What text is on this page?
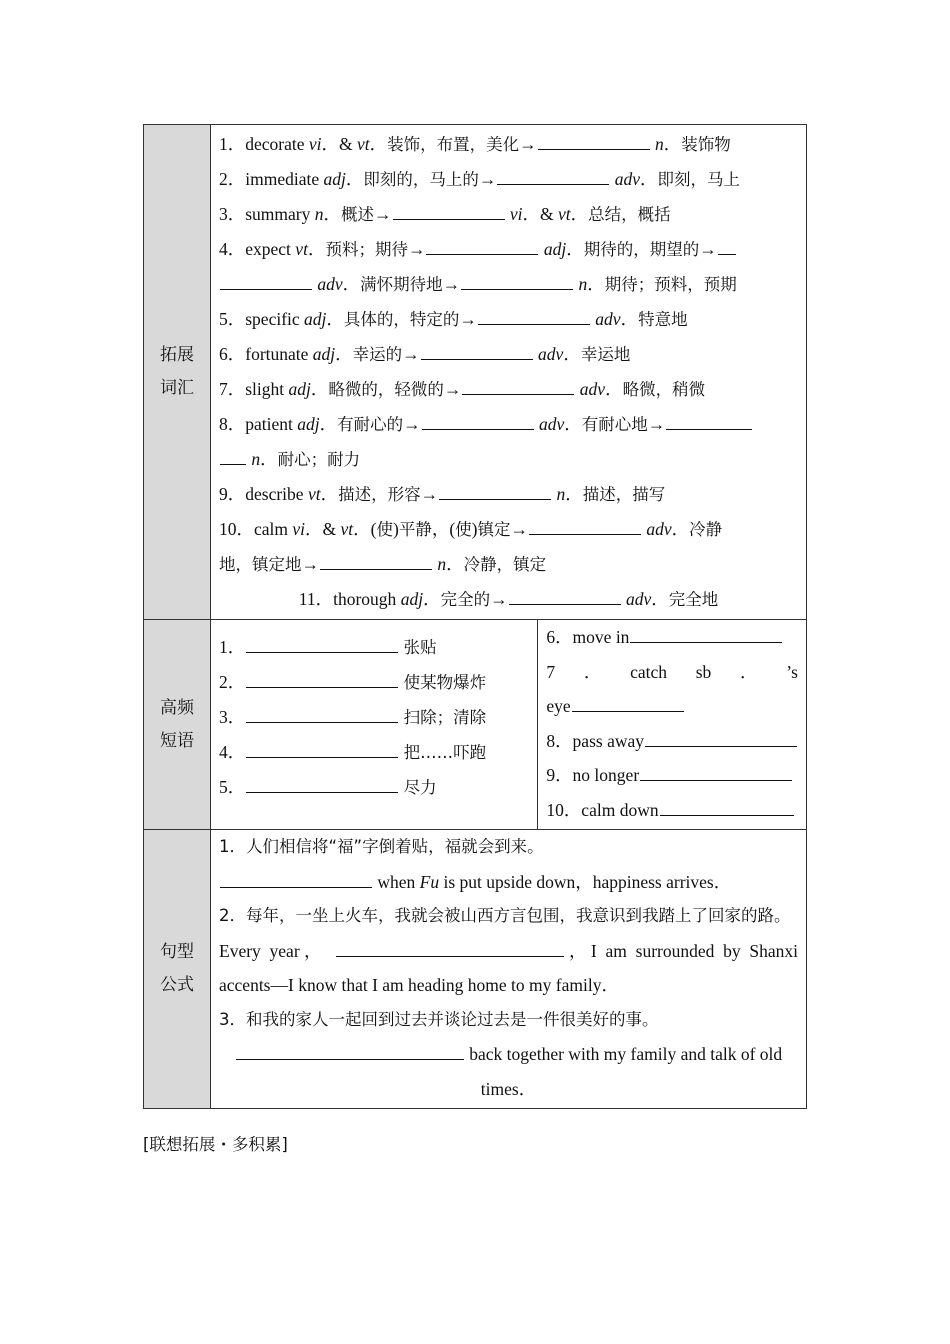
拓展
词汇	
1．decorate vi．& vt．装饰，布置，美化→	n．装饰物
2．immediate adj．即刻的，马上的→	adv．即刻，马上
3．summary n．概述→	vi．& vt．总结，概括
4．expect vt．预料；期待→	adj．期待的，期望的→
adv．满怀期待地→	n．期待；预料，预期
5．specific adj．具体的，特定的→	adv．特意地
6．fortunate adj．幸运的→	adv．幸运地
7．slight adj．略微的，轻微的→	adv．略微，稍微
8．patient adj．有耐心的→	adv．有耐心地→
n．耐心；耐力
9．describe vt．描述，形容→	n．描述，描写
10．calm vi．& vt．(使)平静，(使)镇定→	adv．冷静
地，镇定地→	n．冷静，镇定
11．thorough adj．完全的→	adv．完全地

高频
短语	
1．	张贴
2．	使某物爆炸
3．	扫除；清除
4．	把……吓跑
5．	尽力

6．move in
7 ． catch sb ． ’s
eye
8．pass away
9．no longer
10．calm down

句型
公式	
1．人们相信将“福”字倒着贴，福就会到来。
when Fu is put upside down，happiness arrives．
2．每年，一坐上火车，我就会被山西方言包围，我意识到我踏上了回家的路。
Every year，	，I am surrounded by Shanxi accents—I know that I am heading home to my family．
3．和我的家人一起回到过去并谈论过去是一件很美好的事。
back together with my family and talk of old times．
[联想拓展・多积累]
